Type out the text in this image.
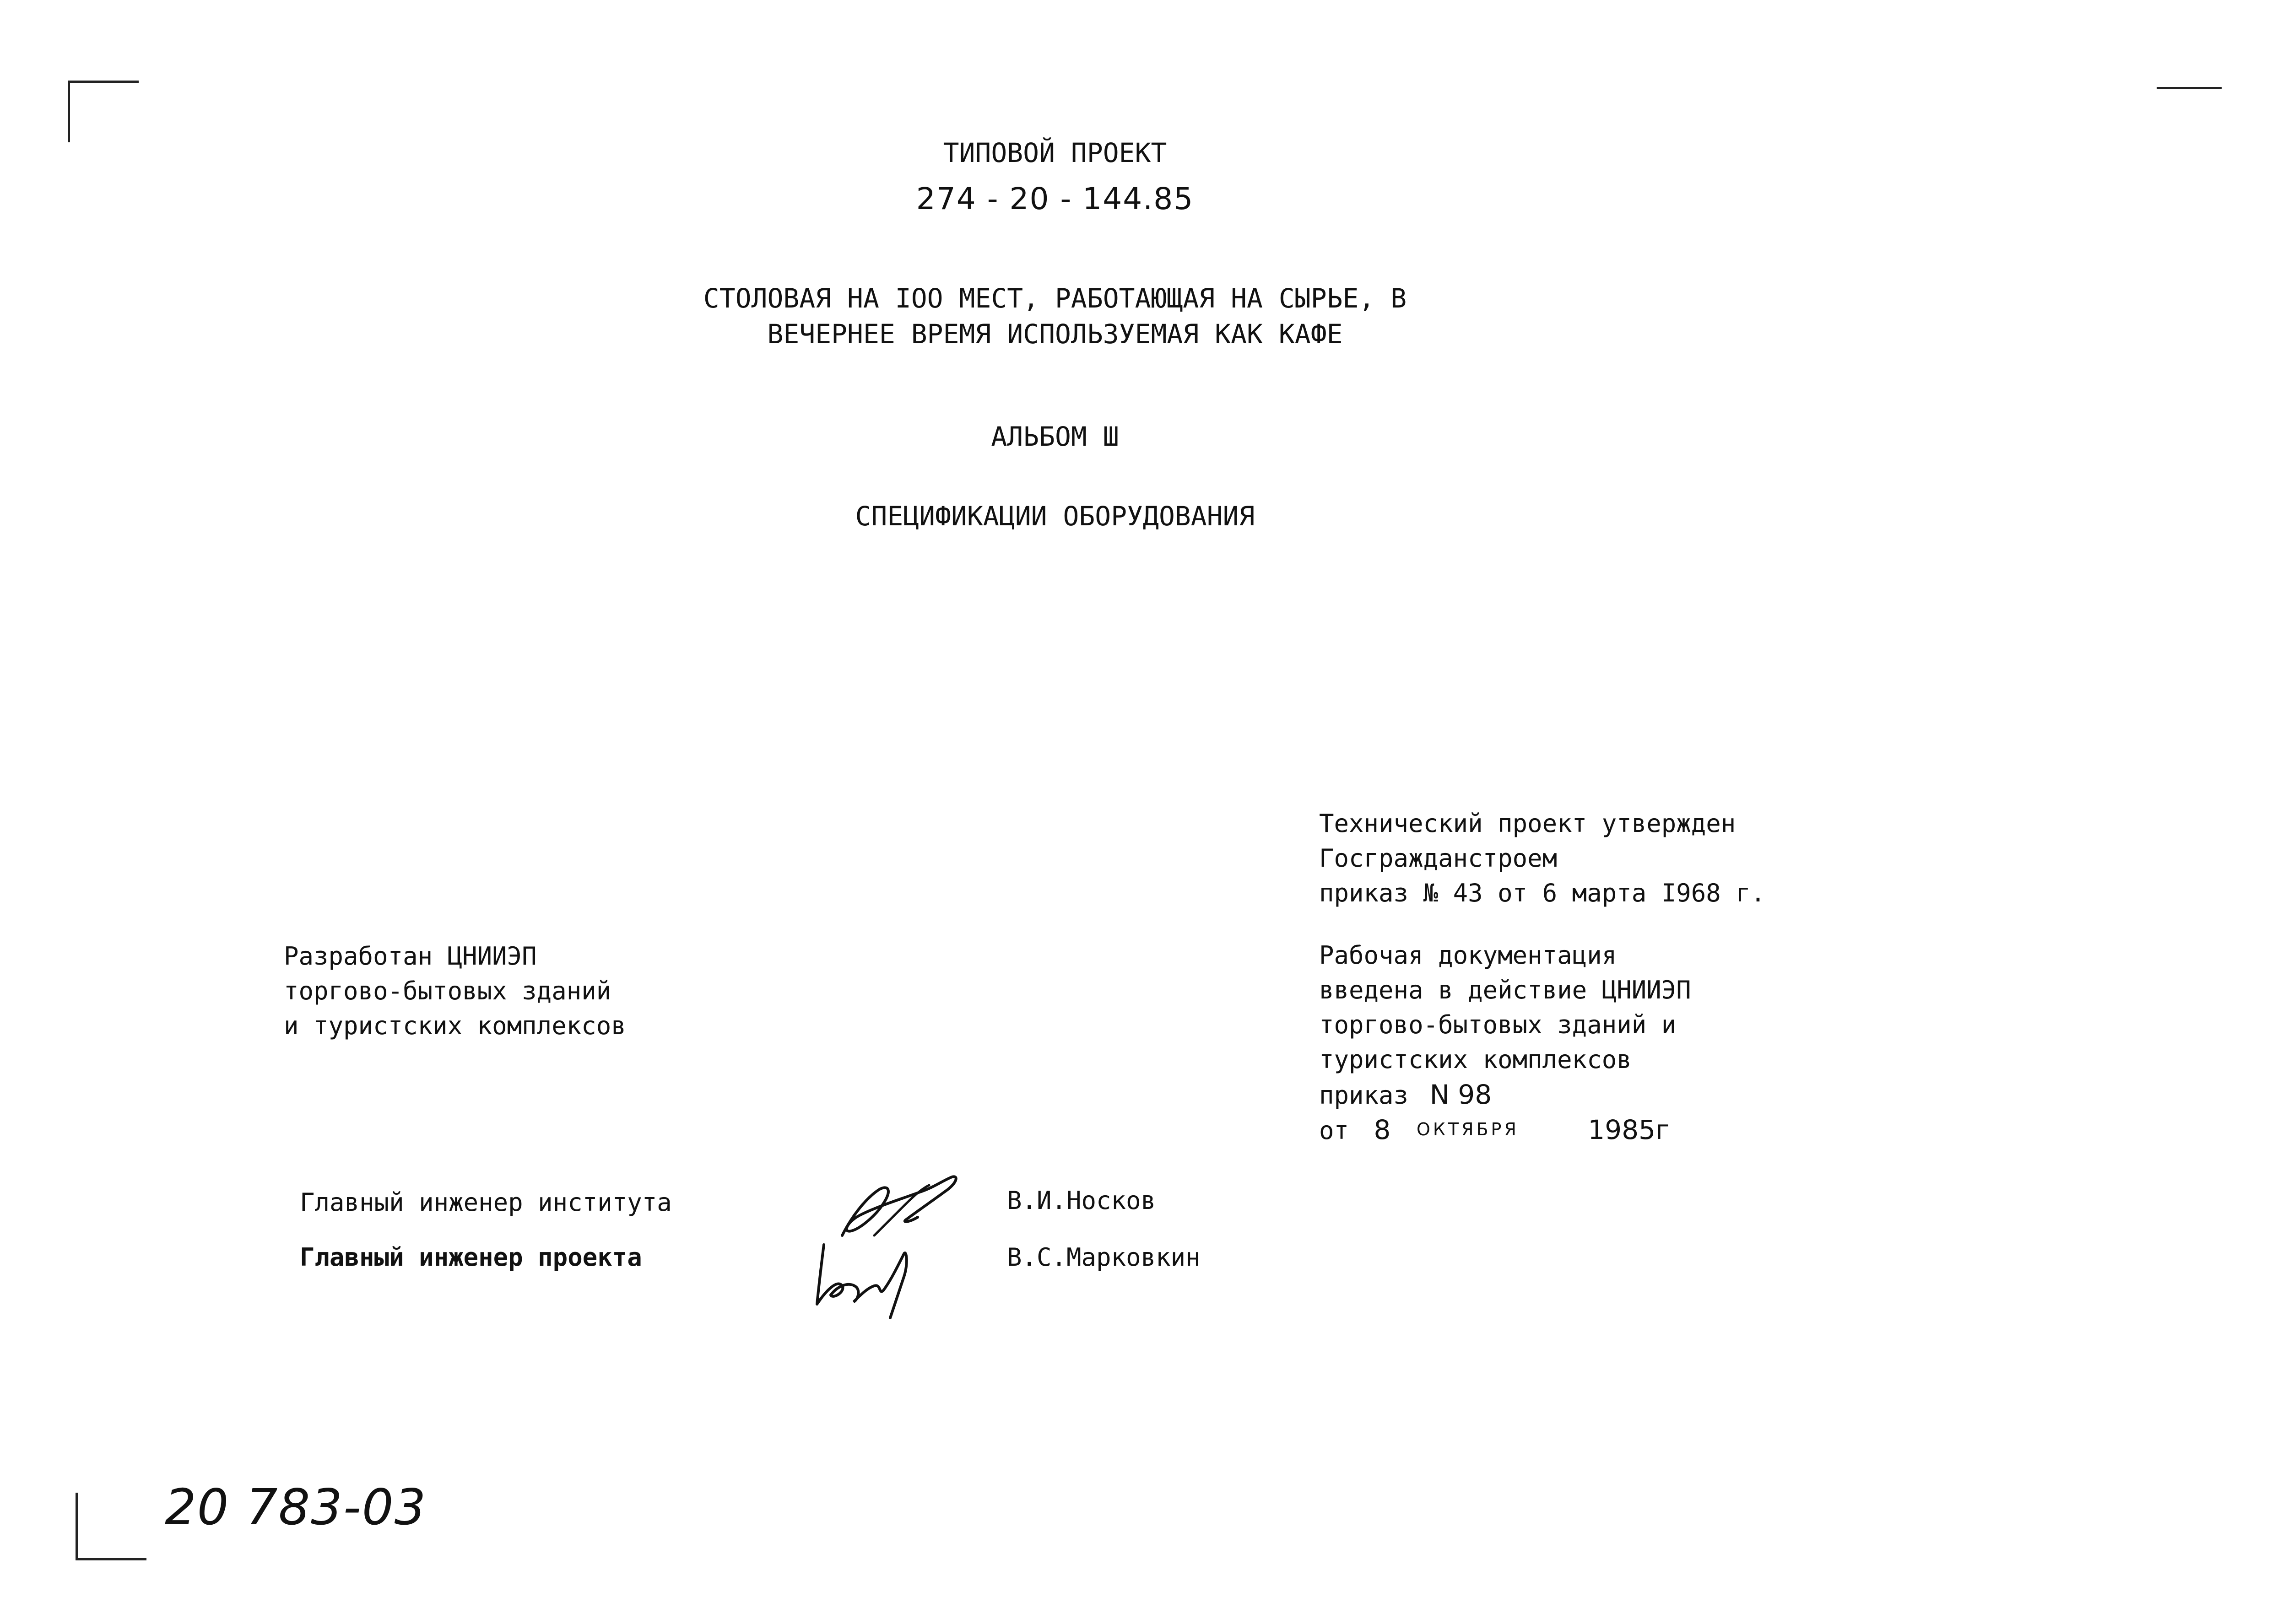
ТИПОВОЙ ПРОЕКТ
274 - 20 - 144.85
СТОЛОВАЯ НА IOO МЕСТ, РАБОТАЮЩАЯ НА СЫРЬЕ, В
ВЕЧЕРНЕЕ ВРЕМЯ ИСПОЛЬЗУЕМАЯ КАК КАФЕ
АЛЬБОМ Ш
СПЕЦИФИКАЦИИ ОБОРУДОВАНИЯ
Технический проект утвержден
Госгражданстроем
приказ № 43 от 6 марта I968 г.
Рабочая документация
введена в действие ЦНИИЭП
торгово-бытовых зданий и
туристских комплексов
приказ N 98
от 8 ОКТЯБРЯ	1985г
Разработан ЦНИИЭП
торгово-бытовых зданий
и туристских комплексов
Главный инженер института	В.И.Носков
Главный инженер проекта	В.С.Марковкин
20 783-03
